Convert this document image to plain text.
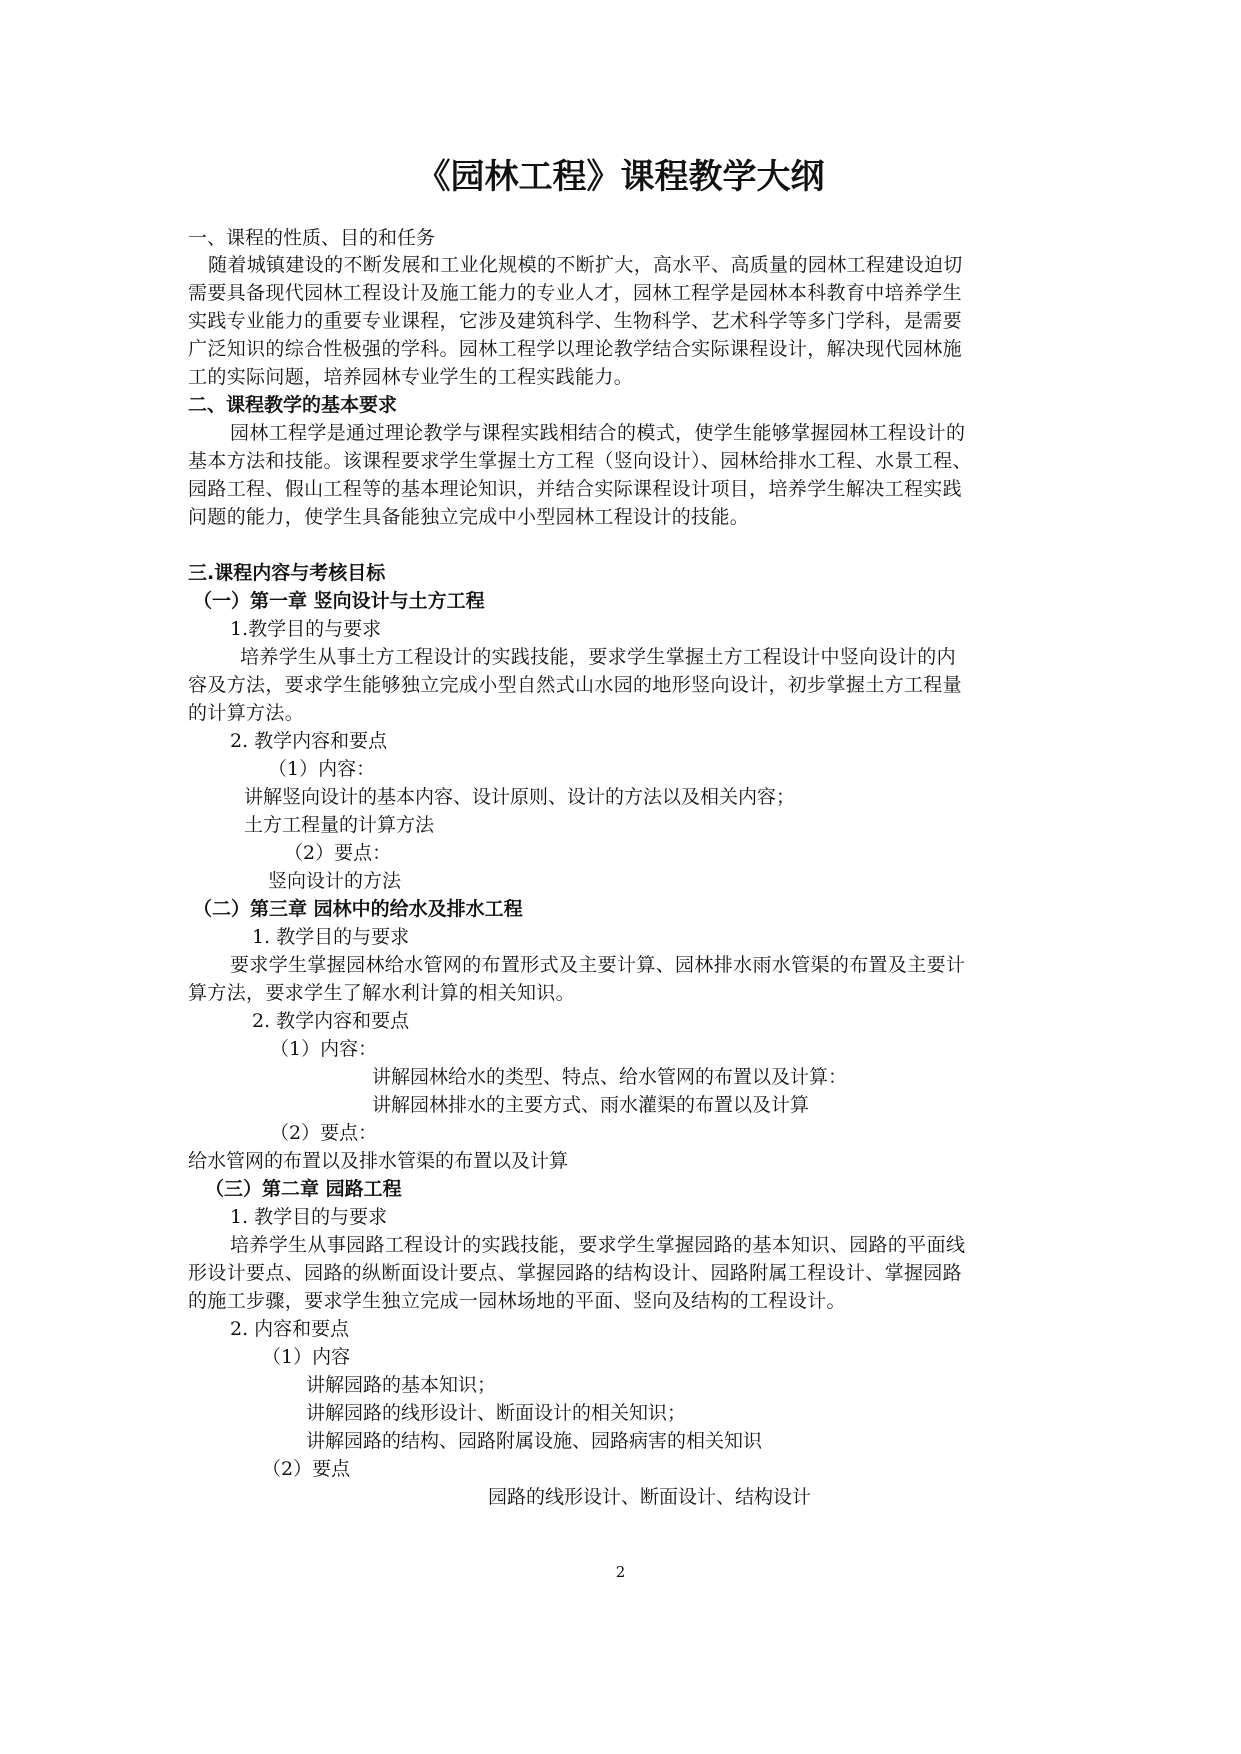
《园林工程》课程教学大纲
一、课程的性质、目的和任务
随着城镇建设的不断发展和工业化规模的不断扩大，高水平、高质量的园林工程建设迫切
需要具备现代园林工程设计及施工能力的专业人才，园林工程学是园林本科教育中培养学生
实践专业能力的重要专业课程，它涉及建筑科学、生物科学、艺术科学等多门学科，是需要
广泛知识的综合性极强的学科。园林工程学以理论教学结合实际课程设计，解决现代园林施
工的实际问题，培养园林专业学生的工程实践能力。
二、课程教学的基本要求
园林工程学是通过理论教学与课程实践相结合的模式，使学生能够掌握园林工程设计的
基本方法和技能。该课程要求学生掌握土方工程（竖向设计）、园林给排水工程、水景工程、
园路工程、假山工程等的基本理论知识，并结合实际课程设计项目，培养学生解决工程实践
问题的能力，使学生具备能独立完成中小型园林工程设计的技能。
三.课程内容与考核目标
（一）第一章 竖向设计与土方工程
1.教学目的与要求
培养学生从事土方工程设计的实践技能，要求学生掌握土方工程设计中竖向设计的内
容及方法，要求学生能够独立完成小型自然式山水园的地形竖向设计，初步掌握土方工程量
的计算方法。
2. 教学内容和要点
（1）内容：
讲解竖向设计的基本内容、设计原则、设计的方法以及相关内容；
土方工程量的计算方法
（2）要点：
竖向设计的方法
（二）第三章 园林中的给水及排水工程
1. 教学目的与要求
要求学生掌握园林给水管网的布置形式及主要计算、园林排水雨水管渠的布置及主要计
算方法，要求学生了解水利计算的相关知识。
2. 教学内容和要点
（1）内容：
讲解园林给水的类型、特点、给水管网的布置以及计算：
讲解园林排水的主要方式、雨水灌渠的布置以及计算
（2）要点：
给水管网的布置以及排水管渠的布置以及计算
（三）第二章 园路工程
1. 教学目的与要求
培养学生从事园路工程设计的实践技能，要求学生掌握园路的基本知识、园路的平面线
形设计要点、园路的纵断面设计要点、掌握园路的结构设计、园路附属工程设计、掌握园路
的施工步骤，要求学生独立完成一园林场地的平面、竖向及结构的工程设计。
2. 内容和要点
（1）内容
讲解园路的基本知识；
讲解园路的线形设计、断面设计的相关知识；
讲解园路的结构、园路附属设施、园路病害的相关知识
（2）要点
园路的线形设计、断面设计、结构设计
2
